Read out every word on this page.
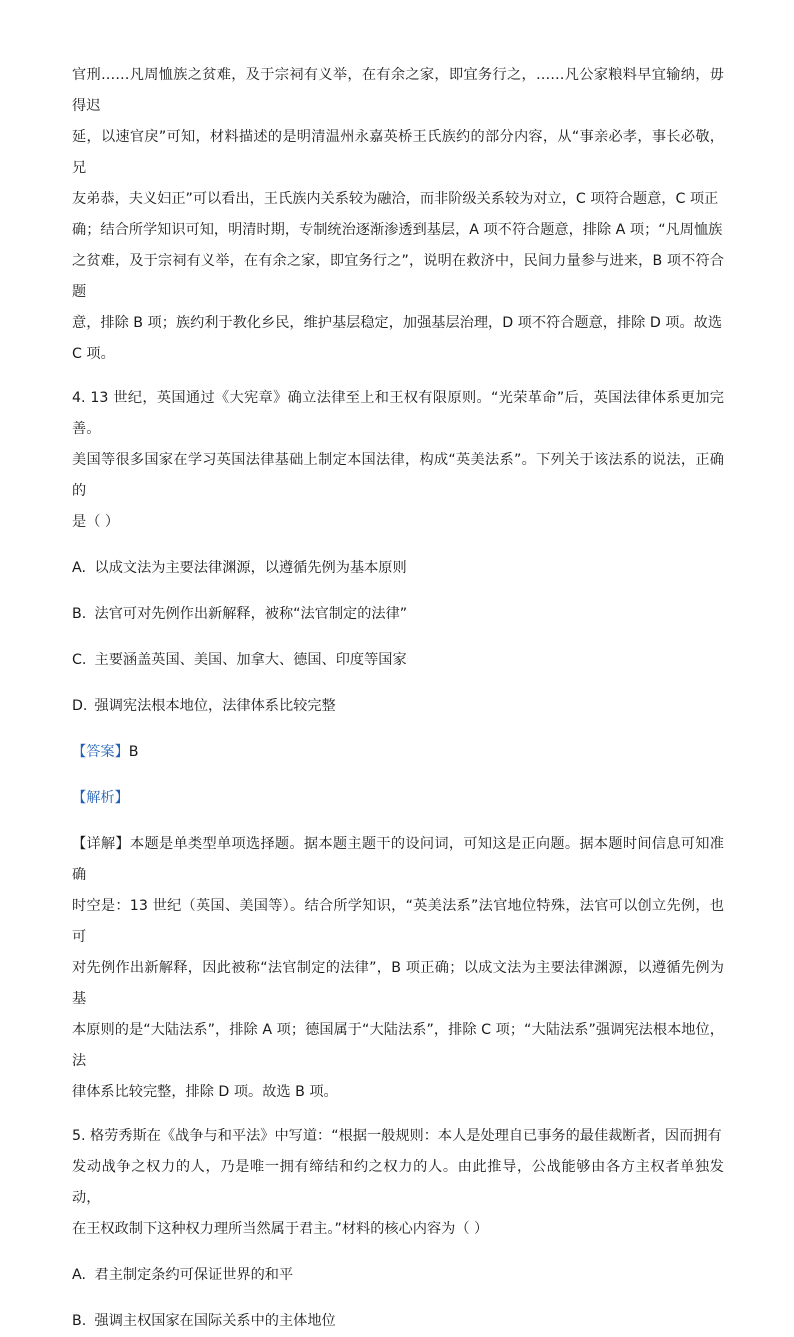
官刑……凡周恤族之贫难，及于宗祠有义举，在有余之家，即宜务行之，……凡公家粮料早宜输纳，毋得迟

延，以速官戾”可知，材料描述的是明清温州永嘉英桥王氏族约的部分内容，从“事亲必孝，事长必敬，兄

友弟恭，夫义妇正”可以看出，王氏族内关系较为融洽，而非阶级关系较为对立，C 项符合题意，C 项正

确；结合所学知识可知，明清时期，专制统治逐渐渗透到基层，A 项不符合题意，排除 A 项；“凡周恤族

之贫难，及于宗祠有义举，在有余之家，即宜务行之”，说明在救济中，民间力量参与进来，B 项不符合题

意，排除 B 项；族约利于教化乡民，维护基层稳定，加强基层治理，D 项不符合题意，排除 D 项。故选

C 项。

4. 13 世纪，英国通过《大宪章》确立法律至上和王权有限原则。“光荣革命”后，英国法律体系更加完善。

美国等很多国家在学习英国法律基础上制定本国法律，构成“英美法系”。下列关于该法系的说法，正确的

是（ ）

A. 以成文法为主要法律渊源，以遵循先例为基本原则

B. 法官可对先例作出新解释，被称“法官制定的法律”

C. 主要涵盖英国、美国、加拿大、德国、印度等国家

D. 强调宪法根本地位，法律体系比较完整

【答案】B

【解析】

【详解】本题是单类型单项选择题。据本题主题干的设问词，可知这是正向题。据本题时间信息可知准确

时空是：13 世纪（英国、美国等）。结合所学知识，“英美法系”法官地位特殊，法官可以创立先例，也可

对先例作出新解释，因此被称“法官制定的法律”，B 项正确；以成文法为主要法律渊源，以遵循先例为基

本原则的是“大陆法系”，排除 A 项；德国属于“大陆法系”，排除 C 项；“大陆法系”强调宪法根本地位，法

律体系比较完整，排除 D 项。故选 B 项。

5. 格劳秀斯在《战争与和平法》中写道：“根据一般规则：本人是处理自已事务的最佳裁断者，因而拥有

发动战争之权力的人，乃是唯一拥有缔结和约之权力的人。由此推导，公战能够由各方主权者单独发动，

在王权政制下这种权力理所当然属于君主。”材料的核心内容为（ ）

A. 君主制定条约可保证世界的和平

B. 强调主权国家在国际关系中的主体地位
